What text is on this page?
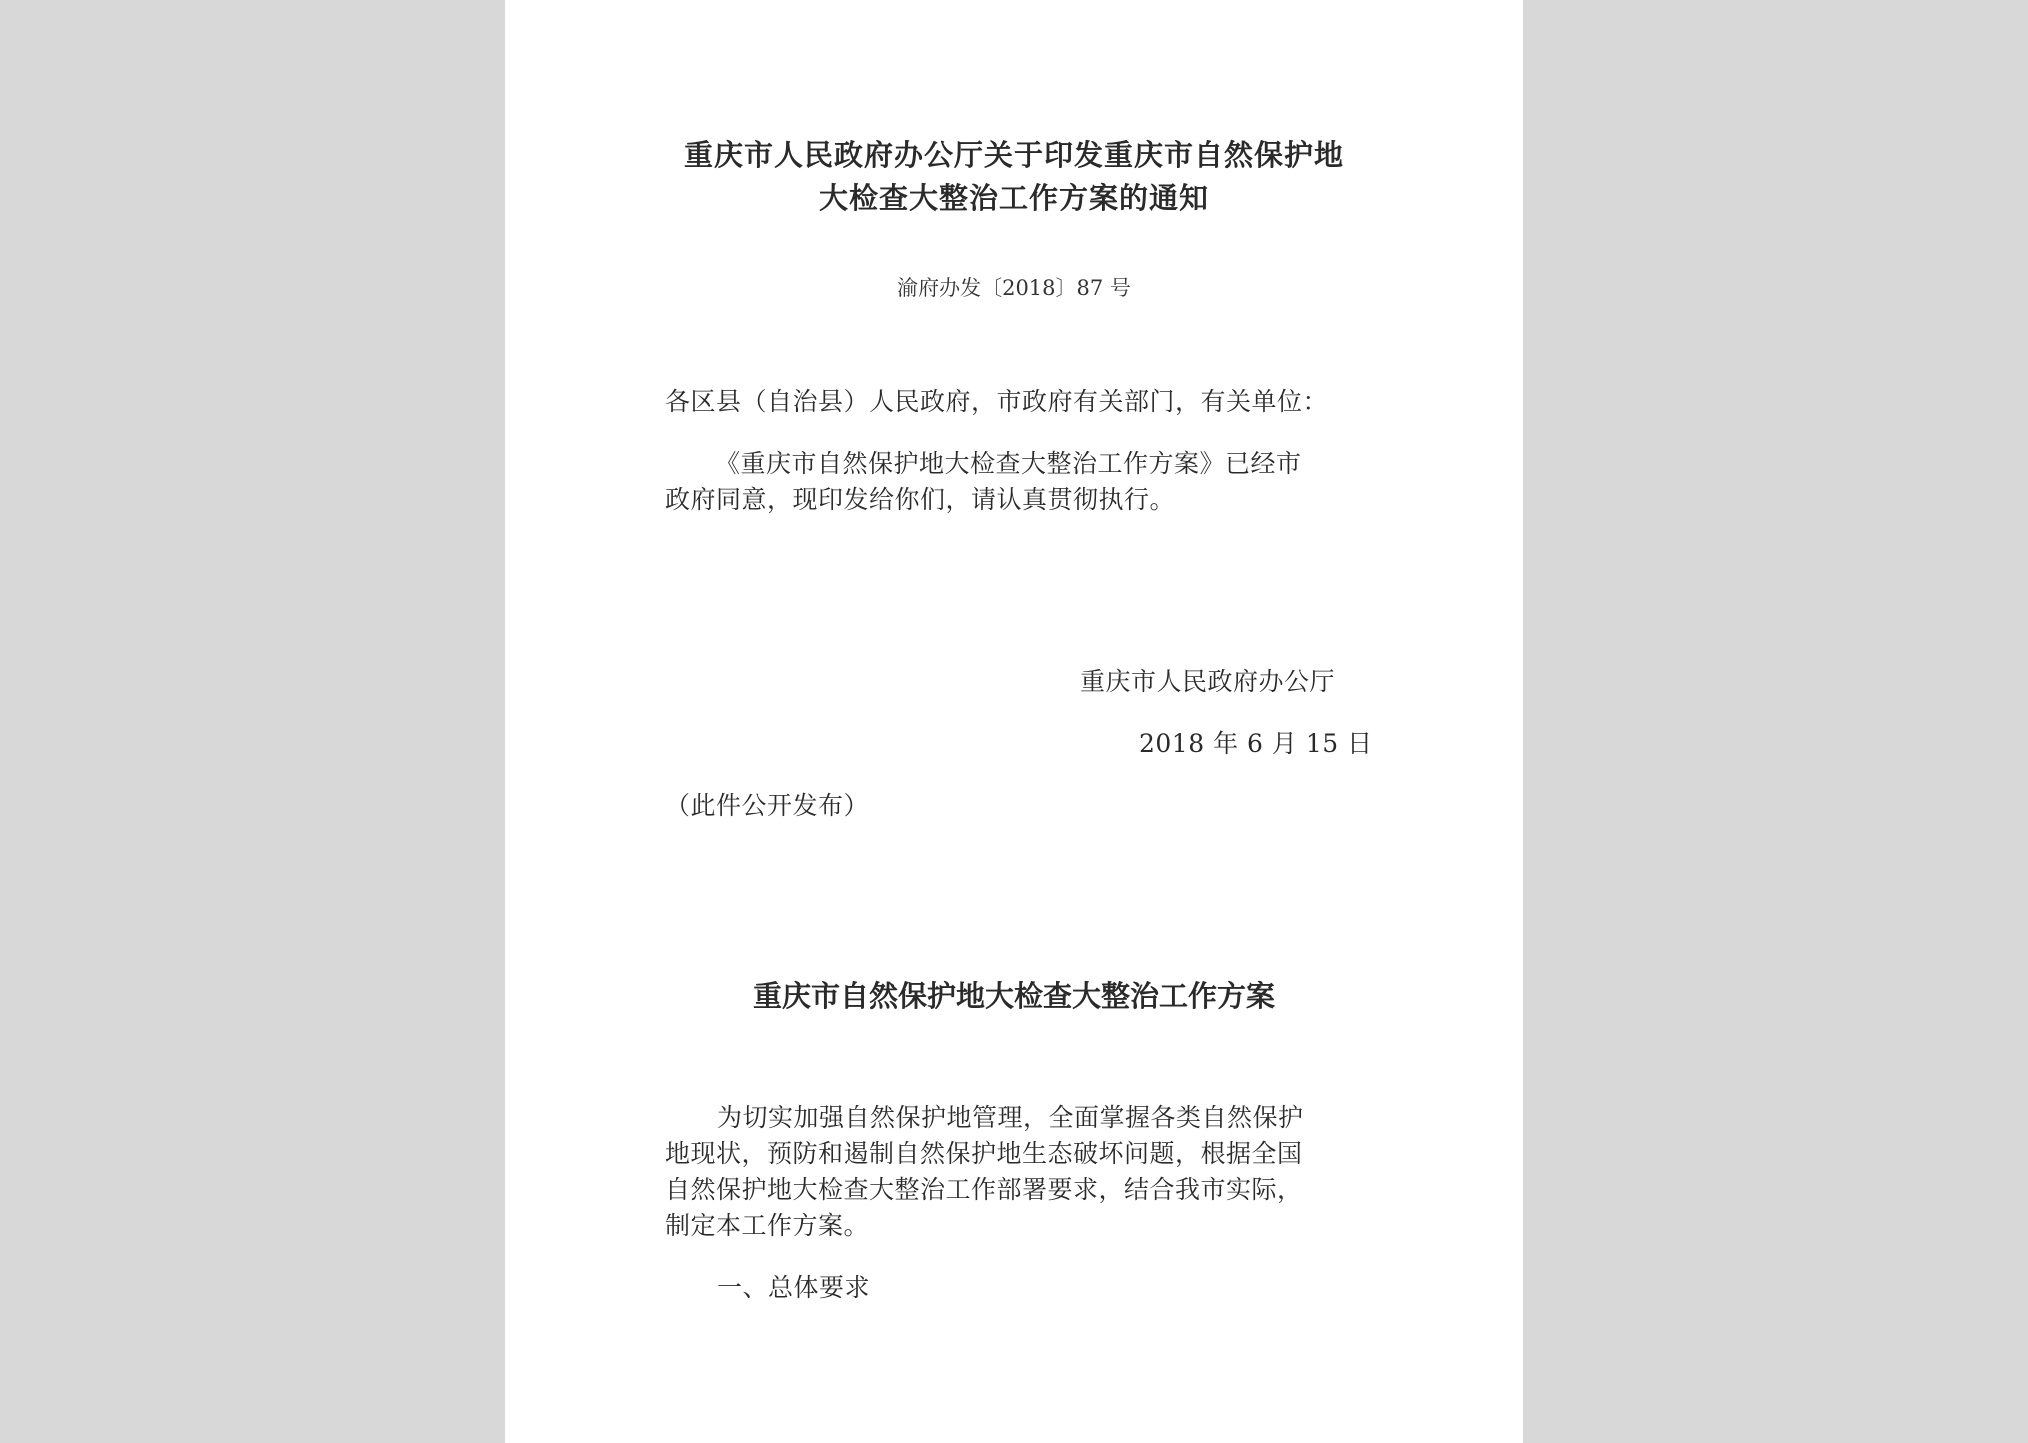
重庆市人民政府办公厅关于印发重庆市自然保护地
大检查大整治工作方案的通知
渝府办发〔2018〕87 号
各区县（自治县）人民政府，市政府有关部门，有关单位：
《重庆市自然保护地大检查大整治工作方案》已经市
政府同意，现印发给你们，请认真贯彻执行。
重庆市人民政府办公厅
2018 年 6 月 15 日
（此件公开发布）
重庆市自然保护地大检查大整治工作方案
为切实加强自然保护地管理，全面掌握各类自然保护
地现状，预防和遏制自然保护地生态破坏问题，根据全国
自然保护地大检查大整治工作部署要求，结合我市实际，
制定本工作方案。
一、总体要求
